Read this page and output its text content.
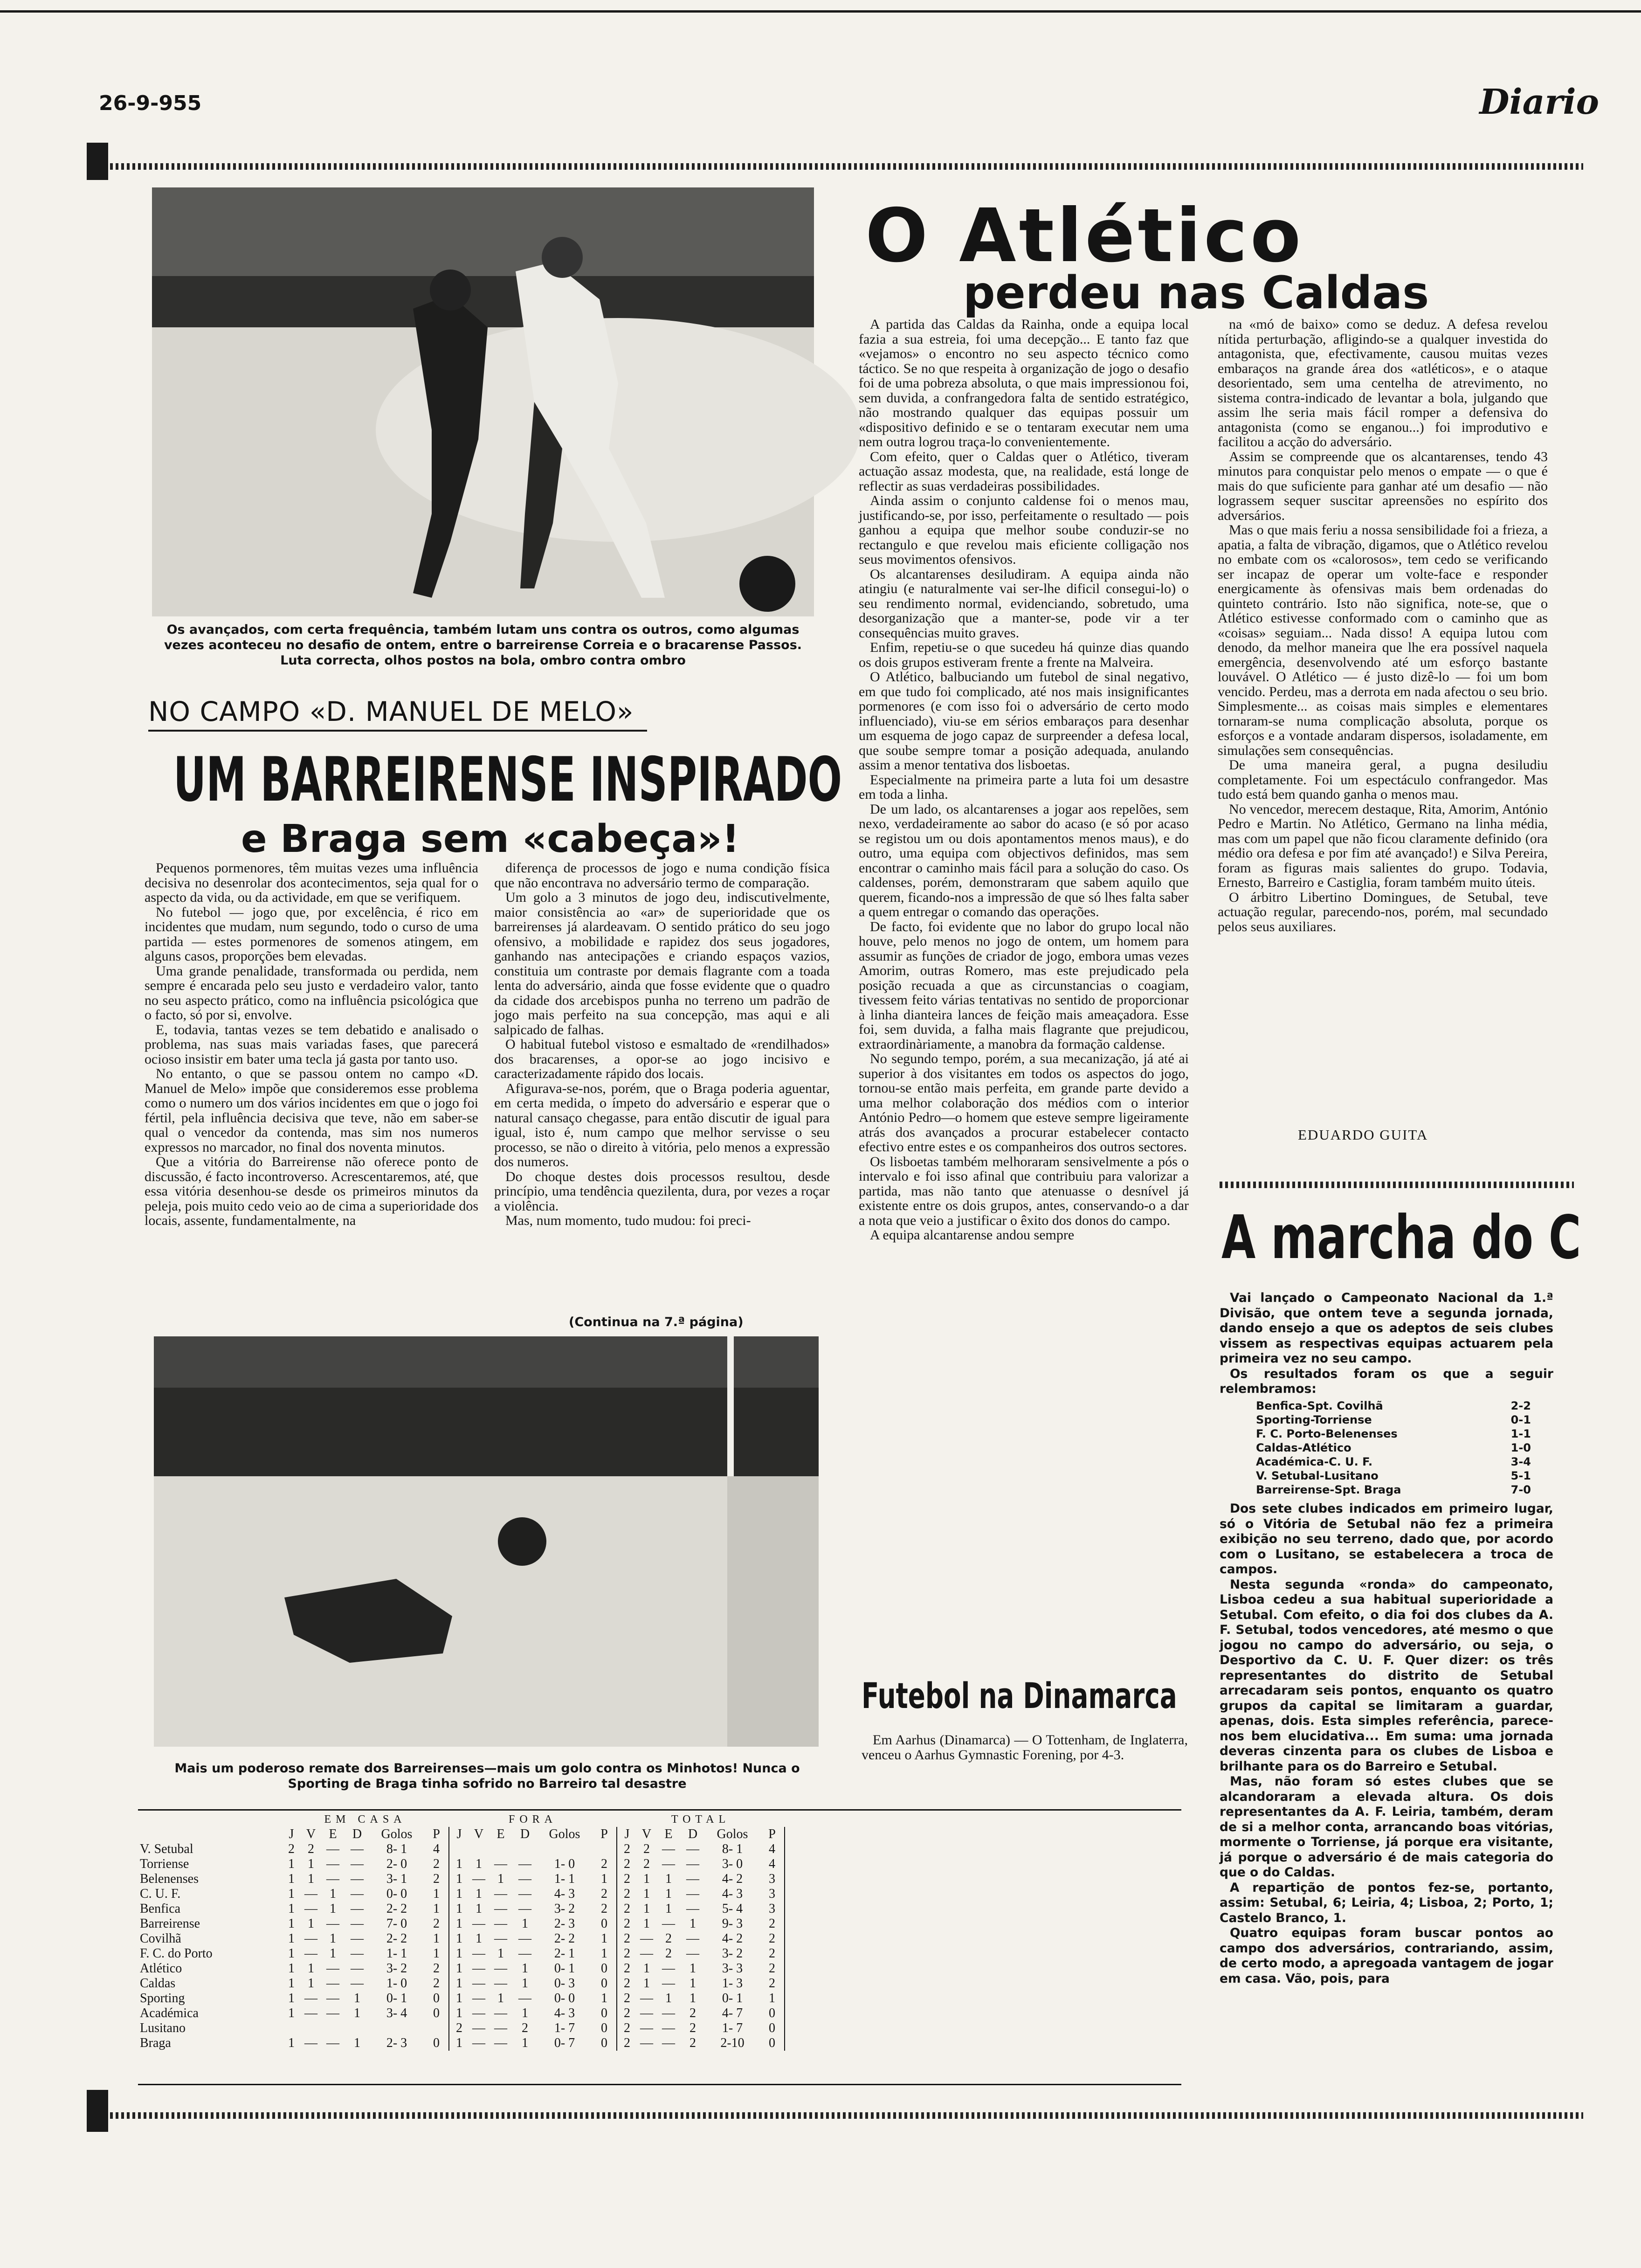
26-9-955	Diario
Os avançados, com certa frequência, também lutam uns contra os outros, como algumas vezes aconteceu no desafio de ontem, entre o barreirense Correia e o bracarense Passos. Luta correcta, olhos postos na bola, ombro contra ombro
NO CAMPO «D. MANUEL DE MELO»
UM BARREIRENSE INSPIRADO
e Braga sem «cabeça»!

Pequenos pormenores, têm muitas vezes uma influência decisiva no desenrolar dos acontecimentos, seja qual for o aspecto da vida, ou da actividade, em que se verifiquem.

No futebol — jogo que, por excelência, é rico em incidentes que mudam, num segundo, todo o curso de uma partida — estes pormenores de somenos atingem, em alguns casos, proporções bem elevadas.

Uma grande penalidade, transformada ou perdida, nem sempre é encarada pelo seu justo e verdadeiro valor, tanto no seu aspecto prático, como na influência psicológica que o facto, só por si, envolve.

E, todavia, tantas vezes se tem debatido e analisado o problema, nas suas mais variadas fases, que parecerá ocioso insistir em bater uma tecla já gasta por tanto uso.

No entanto, o que se passou ontem no campo «D. Manuel de Melo» impõe que consideremos esse problema como o numero um dos vários incidentes em que o jogo foi fértil, pela influência decisiva que teve, não em saber-se qual o vencedor da contenda, mas sim nos numeros expressos no marcador, no final dos noventa minutos.

Que a vitória do Barreirense não oferece ponto de discussão, é facto incontroverso. Acrescentaremos, até, que essa vitória desenhou-se desde os primeiros minutos da peleja, pois muito cedo veio ao de cima a superioridade dos locais, assente, fundamentalmente, na

diferença de processos de jogo e numa condição física que não encontrava no adversário termo de comparação.

Um golo a 3 minutos de jogo deu, indiscutivelmente, maior consistência ao «ar» de superioridade que os barreirenses já alardeavam. O sentido prático do seu jogo ofensivo, a mobilidade e rapidez dos seus jogadores, ganhando nas antecipações e criando espaços vazios, constituia um contraste por demais flagrante com a toada lenta do adversário, ainda que fosse evidente que o quadro da cidade dos arcebispos punha no terreno um padrão de jogo mais perfeito na sua concepção, mas aqui e ali salpicado de falhas.

O habitual futebol vistoso e esmaltado de «rendilhados» dos bracarenses, a opor-se ao jogo incisivo e caracterizadamente rápido dos locais.

Afiguravа-se-nos, porém, que o Braga poderia aguentar, em certa medida, o ímpeto do adversário e esperar que o natural cansaço chegasse, para então discutir de igual para igual, isto é, num campo que melhor servisse o seu processo, se não o direito à vitória, pelo menos a expressão dos numeros.

Do choque destes dois processos resultou, desde princípio, uma tendência quezilenta, dura, por vezes a roçar a violência.

Mas, num momento, tudo mudou: foi preci-

(Continua na 7.ª página)
Mais um poderoso remate dos Barreirenses—mais um golo contra os Minhotos! Nunca o Sporting de Braga tinha sofrido no Barreiro tal desastre
O Atlético
perdeu nas Caldas

A partida das Caldas da Rainha, onde a equipa local fazia a sua estreia, foi uma decepção... E tanto faz que «vejamos» o encontro no seu aspecto técnico como táctico. Se no que respeita à organização de jogo o desafio foi de uma pobreza absoluta, o que mais impressionou foi, sem duvida, a confrangedora falta de sentido estratégico, não mostrando qualquer das equipas possuir um «dispositivo definido e se o tentaram executar nem uma nem outra logrou traça-lo convenientemente.

Com efeito, quer o Caldas quer o Atlético, tiveram actuação assaz modesta, que, na realidade, está longe de reflectir as suas verdadeiras possibilidades.

Ainda assim o conjunto caldense foi o menos mau, justificando-se, por isso, perfeitamente o resultado — pois ganhou a equipa que melhor soube conduzir-se no rectangulo e que revelou mais eficiente colligação nos seus movimentos ofensivos.

Os alcantarenses desiludiram. A equipa ainda não atingiu (e naturalmente vai ser-lhe dificil consegui-lo) o seu rendimento normal, evidenciando, sobretudo, uma desorganização que a manter-se, pode vir a ter consequências muito graves.

Enfim, repetiu-se o que sucedeu há quinze dias quando os dois grupos estiveram frente a frente na Malveira.

O Atlético, balbuciando um futebol de sinal negativo, em que tudo foi complicado, até nos mais insignificantes pormenores (e com isso foi o adversário de certo modo influenciado), viu-se em sérios embaraços para desenhar um esquema de jogo capaz de surpreender a defesa local, que soube sempre tomar a posição adequada, anulando assim a menor tentativa dos lisboetas.

Especialmente na primeira parte a luta foi um desastre em toda a linha.

De um lado, os alcantarenses a jogar aos repelões, sem nexo, verdadeiramente ao sabor do acaso (e só por acaso se registou um ou dois apontamentos menos maus), e do outro, uma equipa com objectivos definidos, mas sem encontrar o caminho mais fácil para a solução do caso. Os caldenses, porém, demonstraram que sabem aquilo que querem, ficando-nos a impressão de que só lhes falta saber a quem entregar o comando das operações.

De facto, foi evidente que no labor do grupo local não houve, pelo menos no jogo de ontem, um homem para assumir as funções de criador de jogo, embora umas vezes Amorim, outras Romero, mas este prejudicado pela posição recuada a que as circunstancias o coagiam, tivessem feito várias tentativas no sentido de proporcionar à linha dianteira lances de feição mais ameaçadora. Esse foi, sem duvida, a falha mais flagrante que prejudicou, extraordinàriamente, a manobra da formação caldense.

No segundo tempo, porém, a sua mecanização, já até ai superior à dos visitantes em todos os aspectos do jogo, tornou-se então mais perfeita, em grande parte devido a uma melhor colaboração dos médios com o interior António Pedro—o homem que esteve sempre ligeiramente atrás dos avançados a procurar estabelecer contacto efectivo entre estes e os companheiros dos outros sectores.

Os lisboetas também melhoraram sensivelmente a pós o intervalo e foi isso afinal que contribuiu para valorizar a partida, mas não tanto que atenuasse o desnível já existente entre os dois grupos, antes, conservando-o a dar a nota que veio a justificar o êxito dos donos do campo.

A equipa alcantarense andou sempre

na «mó de baixo» como se deduz. A defesa revelou nítida perturbação, afligindo-se a qualquer investida do antagonista, que, efectivamente, causou muitas vezes embaraços na grande área dos «atléticos», e o ataque desorientado, sem uma centelha de atrevimento, no sistema contra-indicado de levantar a bola, julgando que assim lhe seria mais fácil romper a defensiva do antagonista (como se enganou...) foi improdutivo e facilitou a acção do adversário.

Assim se compreende que os alcantarenses, tendo 43 minutos para conquistar pelo menos o empate — o que é mais do que suficiente para ganhar até um desafio — não lograssem sequer suscitar apreensões no espírito dos adversários.

Mas o que mais feriu a nossa sensibilidade foi a frieza, a apatia, a falta de vibração, digamos, que o Atlético revelou no embate com os «calorosos», tem cedo se verificando ser incapaz de operar um volte-face e responder energicamente às ofensivas mais bem ordenadas do quinteto contrário. Isto não significa, note-se, que o Atlético estivesse conformado com o caminho que as «coisas» seguiam... Nada disso! A equipa lutou com denodo, da melhor maneira que lhe era possível naquela emergência, desenvolvendo até um esforço bastante louvável. O Atlético — é justo dizê-lo — foi um bom vencido. Perdeu, mas a derrota em nada afectou o seu brio. Simplesmente... as coisas mais simples e elementares tornaram-se numa complicação absoluta, porque os esforços e a vontade andaram dispersos, isoladamente, em simulações sem consequências.

De uma maneira geral, a pugna desiludiu completamente. Foi um espectáculo confrangedor. Mas tudo está bem quando ganha o menos mau.

No vencedor, merecem destaque, Rita, Amorim, António Pedro e Martin. No Atlético, Germano na linha média, mas com um papel que não ficou claramente definido (ora médio ora defesa e por fim até avançado!) e Silva Pereira, foram as figuras mais salientes do grupo. Todavia, Ernesto, Barreiro e Castiglia, foram também muito úteis.

O árbitro Libertino Domingues, de Setubal, teve actuação regular, parecendo-nos, porém, mal secundado pelos seus auxiliares.

EDUARDO GUITA
Futebol na Dinamarca
Em Aarhus (Dinamarca) — O Tottenham, de Inglaterra, venceu o Aarhus Gymnastic Forening, por 4-3.
A marcha do C

Vai lançado o Campeonato Nacional da 1.ª Divisão, que ontem teve a segunda jornada, dando ensejo a que os adeptos de seis clubes vissem as respectivas equipas actuarem pela primeira vez no seu campo.

Os resultados foram os que a seguir relembramos:

Benfica-Spt. Covilhã	2-2
Sporting-Torriense	0-1
F. C. Porto-Belenenses	1-1
Caldas-Atlético	1-0
Académica-C. U. F.	3-4
V. Setubal-Lusitano	5-1
Barreirense-Spt. Braga	7-0

Dos sete clubes indicados em primeiro lugar, só o Vitória de Setubal não fez a primeira exibição no seu terreno, dado que, por acordo com o Lusitano, se estabelecera a troca de campos.

Nesta segunda «ronda» do campeonato, Lisboa cedeu a sua habitual superioridade a Setubal. Com efeito, o dia foi dos clubes da A. F. Setubal, todos vencedores, até mesmo o que jogou no campo do adversário, ou seja, o Desportivo da C. U. F. Quer dizer: os três representantes do distrito de Setubal arrecadaram seis pontos, enquanto os quatro grupos da capital se limitaram a guardar, apenas, dois. Esta simples referência, parece-nos bem elucidativa... Em suma: uma jornada deveras cinzenta para os clubes de Lisboa e brilhante para os do Barreiro e Setubal.

Mas, não foram só estes clubes que se alcandoraram a elevada altura. Os dois representantes da A. F. Leiria, também, deram de si a melhor conta, arrancando boas vitórias, mormente o Torriense, já porque era visitante, já porque o adversário é de mais categoria do que o do Caldas.

A repartição de pontos fez-se, portanto, assim: Setubal, 6; Leiria, 4; Lisboa, 2; Porto, 1; Castelo Branco, 1.

Quatro equipas foram buscar pontos ao campo dos adversários, contrariando, assim, de certo modo, a apregoada vantagem de jogar em casa. Vão, pois, para

	EM CASA						FORA						TOTAL					
	J	V	E	D	Golos	P	J	V	E	D	Golos	P	J	V	E	D	Golos	P
V. Setubal	2	2	—	—	8- 1	4							2	2	—	—	8- 1	4
Torriense	1	1	—	—	2- 0	2	1	1	—	—	1- 0	2	2	2	—	—	3- 0	4
Belenenses	1	1	—	—	3- 1	2	1	—	1	—	1- 1	1	2	1	1	—	4- 2	3
C. U. F.	1	—	1	—	0- 0	1	1	1	—	—	4- 3	2	2	1	1	—	4- 3	3
Benfica	1	—	1	—	2- 2	1	1	1	—	—	3- 2	2	2	1	1	—	5- 4	3
Barreirense	1	1	—	—	7- 0	2	1	—	—	1	2- 3	0	2	1	—	1	9- 3	2
Covilhã	1	—	1	—	2- 2	1	1	1	—	—	2- 2	1	2	—	2	—	4- 2	2
F. C. do Porto	1	—	1	—	1- 1	1	1	—	1	—	2- 1	1	2	—	2	—	3- 2	2
Atlético	1	1	—	—	3- 2	2	1	—	—	1	0- 1	0	2	1	—	1	3- 3	2
Caldas	1	1	—	—	1- 0	2	1	—	—	1	0- 3	0	2	1	—	1	1- 3	2
Sporting	1	—	—	1	0- 1	0	1	—	1	—	0- 0	1	2	—	1	1	0- 1	1
Académica	1	—	—	1	3- 4	0	1	—	—	1	4- 3	0	2	—	—	2	4- 7	0
Lusitano							2	—	—	2	1- 7	0	2	—	—	2	1- 7	0
Braga	1	—	—	1	2- 3	0	1	—	—	1	0- 7	0	2	—	—	2	2-10	0
